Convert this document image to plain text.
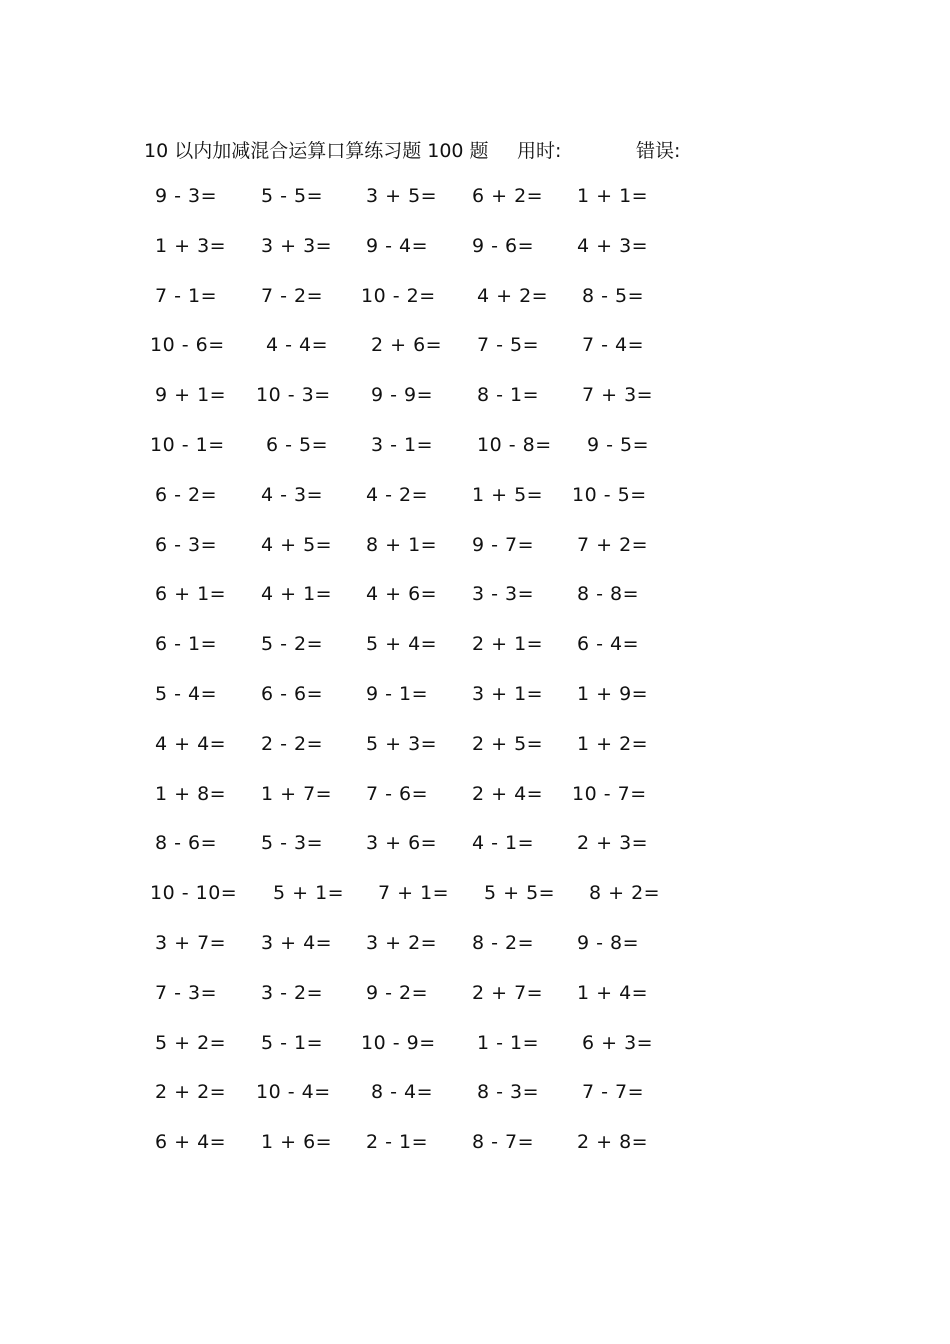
10 以内加减混合运算口算练习题 100 题 用时:	错误:
9 - 3= 5 - 5= 3 + 5= 6 + 2= 1 + 1=
1 + 3= 3 + 3= 9 - 4= 9 - 6= 4 + 3=
7 - 1= 7 - 2= 10 - 2= 4 + 2= 8 - 5=
10 - 6= 4 - 4= 2 + 6= 7 - 5= 7 - 4=
9 + 1= 10 - 3= 9 - 9= 8 - 1= 7 + 3=
10 - 1= 6 - 5= 3 - 1= 10 - 8= 9 - 5=
6 - 2= 4 - 3= 4 - 2= 1 + 5= 10 - 5=
6 - 3= 4 + 5= 8 + 1= 9 - 7= 7 + 2=
6 + 1= 4 + 1= 4 + 6= 3 - 3= 8 - 8=
6 - 1= 5 - 2= 5 + 4= 2 + 1= 6 - 4=
5 - 4= 6 - 6= 9 - 1= 3 + 1= 1 + 9=
4 + 4= 2 - 2= 5 + 3= 2 + 5= 1 + 2=
1 + 8= 1 + 7= 7 - 6= 2 + 4= 10 - 7=
8 - 6= 5 - 3= 3 + 6= 4 - 1= 2 + 3=
10 - 10= 5 + 1= 7 + 1= 5 + 5= 8 + 2=
3 + 7= 3 + 4= 3 + 2= 8 - 2= 9 - 8=
7 - 3= 3 - 2= 9 - 2= 2 + 7= 1 + 4=
5 + 2= 5 - 1= 10 - 9= 1 - 1= 6 + 3=
2 + 2= 10 - 4= 8 - 4= 8 - 3= 7 - 7=
6 + 4= 1 + 6= 2 - 1= 8 - 7= 2 + 8=
